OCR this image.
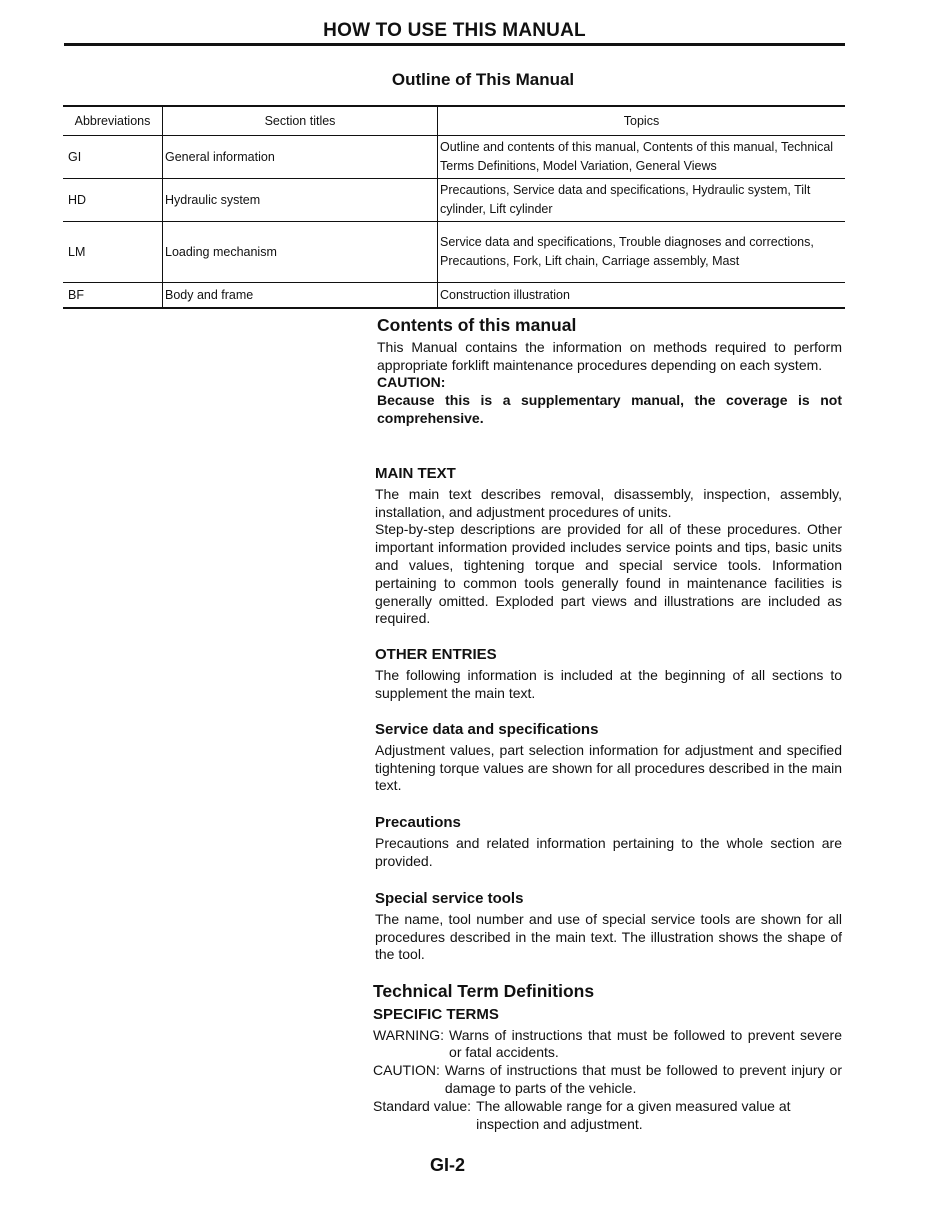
HOW TO USE THIS MANUAL
Outline of This Manual
Abbreviations	Section titles	Topics
GI	General information	Outline and contents of this manual, Contents of this manual, Technical Terms Definitions, Model Variation, General Views
HD	Hydraulic system	Precautions, Service data and specifications, Hydraulic system, Tilt cylinder, Lift cylinder
LM	Loading mechanism	Service data and specifications, Trouble diagnoses and corrections, Precautions, Fork, Lift chain, Carriage assembly, Mast
BF	Body and frame	Construction illustration
Contents of this manual

This Manual contains the information on methods required to perform appropriate forklift maintenance procedures depending on each system.

CAUTION:

Because this is a supplementary manual, the coverage is not comprehensive.

MAIN TEXT

The main text describes removal, disassembly, inspection, assembly, installation, and adjustment procedures of units.

Step-by-step descriptions are provided for all of these procedures. Other important information provided includes service points and tips, basic units and values, tightening torque and special service tools. Information pertaining to common tools generally found in maintenance facilities is generally omitted. Exploded part views and illustrations are included as required.

OTHER ENTRIES

The following information is included at the beginning of all sections to supplement the main text.

Service data and specifications

Adjustment values, part selection information for adjustment and specified tightening torque values are shown for all procedures described in the main text.

Precautions

Precautions and related information pertaining to the whole section are provided.

Special service tools

The name, tool number and use of special service tools are shown for all procedures described in the main text. The illustration shows the shape of the tool.

Technical Term Definitions
SPECIFIC TERMS
WARNING: Warns of instructions that must be followed to prevent severe or fatal accidents.
CAUTION: Warns of instructions that must be followed to prevent injury or damage to parts of the vehicle.
Standard value: The allowable range for a given measured value at inspection and adjustment.
GI-2
